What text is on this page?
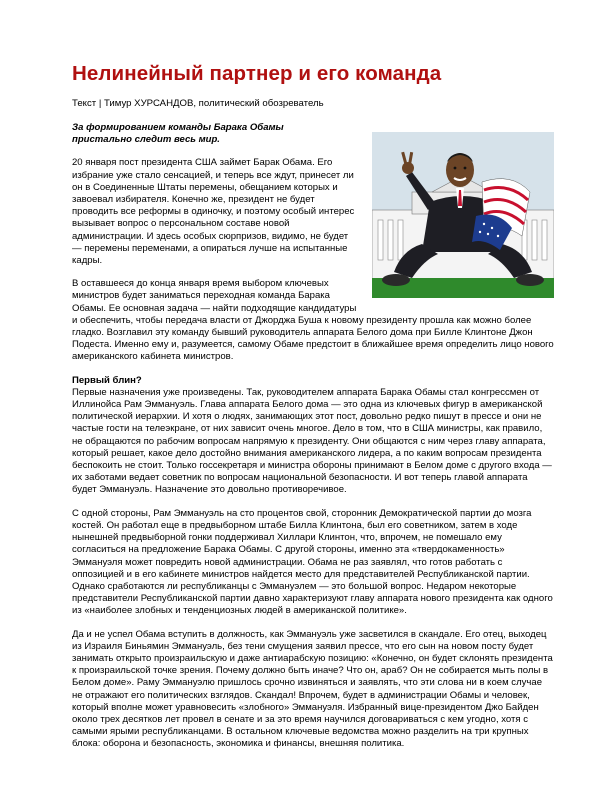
Нелинейный партнер и его команда
Текст | Тимур ХУРСАНДОВ, политический обозреватель

За формированием команды Барака Обамы пристально следит весь мир.

20 января пост президента США займет Барак Обама. Его избрание уже стало сенсацией, и теперь все ждут, принесет ли он в Соединенные Штаты перемены, обещанием которых и завоевал избирателя. Конечно же, президент не будет проводить все реформы в одиночку, и поэтому особый интерес вызывает вопрос о персональном составе новой администрации. И здесь особых сюрпризов, видимо, не будет — перемены переменами, а опираться лучше на испытанные кадры.

В оставшееся до конца января время выбором ключевых министров будет заниматься переходная команда Барака Обамы. Ее основная задача — найти подходящие кандидатуры и обеспечить, чтобы передача власти от Джорджа Буша к новому президенту прошла как можно более гладко. Возглавил эту команду бывший руководитель аппарата Белого дома при Билле Клинтоне Джон Подеста. Именно ему и, разумеется, самому Обаме предстоит в ближайшее время определить лицо нового американского кабинета министров.

Первый блин?

Первые назначения уже произведены. Так, руководителем аппарата Барака Обамы стал конгрессмен от Иллинойса Рам Эммануэль. Глава аппарата Белого дома — это одна из ключевых фигур в американской политической иерархии. И хотя о людях, занимающих этот пост, довольно редко пишут в прессе и они не частые гости на телеэкране, от них зависит очень многое. Дело в том, что в США министры, как правило, не обращаются по рабочим вопросам напрямую к президенту. Они общаются с ним через главу аппарата, который решает, какое дело достойно внимания американского лидера, а по каким вопросам президента беспокоить не стоит. Только госсекретаря и министра обороны принимают в Белом доме с другого входа — их заботами ведает советник по вопросам национальной безопасности. И вот теперь главой аппарата будет Эммануэль. Назначение это довольно противоречивое.

С одной стороны, Рам Эммануэль на сто процентов свой, сторонник Демократической партии до мозга костей. Он работал еще в предвыборном штабе Билла Клинтона, был его советником, затем в ходе нынешней предвыборной гонки поддерживал Хиллари Клинтон, что, впрочем, не помешало ему согласиться на предложение Барака Обамы. С другой стороны, именно эта «твердокаменность» Эммануэля может повредить новой администрации. Обама не раз заявлял, что готов работать с оппозицией и в его кабинете министров найдется место для представителей Республиканской партии. Однако сработаются ли республиканцы с Эммануэлем — это большой вопрос. Недаром некоторые представители Республиканской партии давно характеризуют главу аппарата нового президента как одного из «наиболее злобных и тенденциозных людей в американской политике».

Да и не успел Обама вступить в должность, как Эммануэль уже засветился в скандале. Его отец, выходец из Израиля Биньямин Эммануэль, без тени смущения заявил прессе, что его сын на новом посту будет занимать открыто произраильскую и даже антиарабскую позицию: «Конечно, он будет склонять президента к произраильской точке зрения. Почему должно быть иначе? Что он, араб? Он не собирается мыть полы в Белом доме». Раму Эммануэлю пришлось срочно извиняться и заявлять, что эти слова ни в коем случае не отражают его политических взглядов. Скандал! Впрочем, будет в администрации Обамы и человек, который вполне может уравновесить «злобного» Эммануэля. Избранный вице-президентом Джо Байден около трех десятков лет провел в сенате и за это время научился договариваться с кем угодно, хотя с самыми ярыми республиканцами. В остальном ключевые ведомства можно разделить на три крупных блока: оборона и безопасность, экономика и финансы, внешняя политика.
